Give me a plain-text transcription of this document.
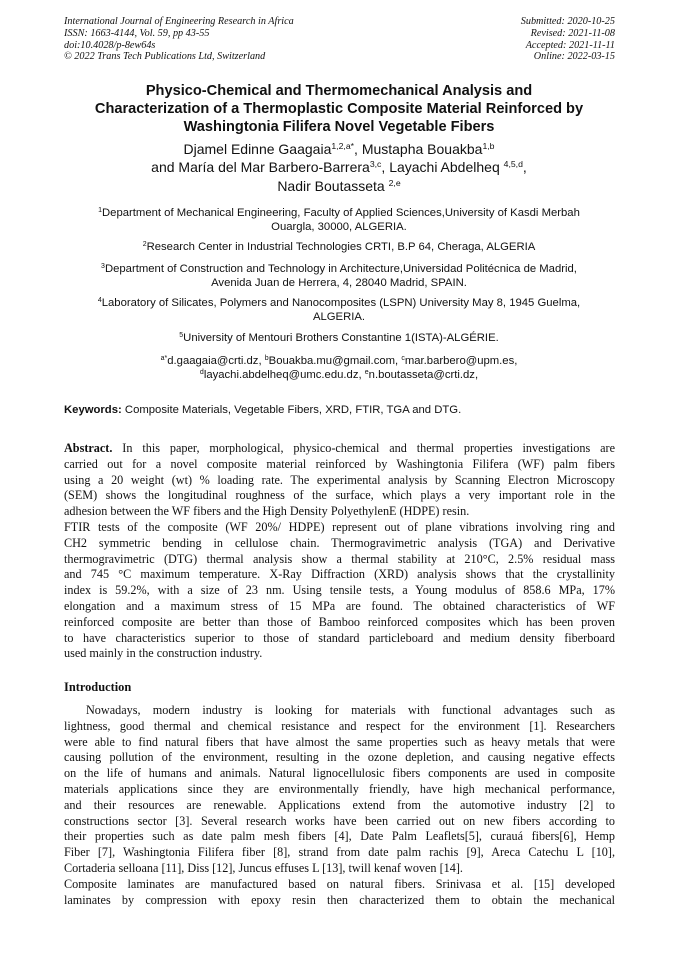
International Journal of Engineering Research in Africa
ISSN: 1663-4144, Vol. 59, pp 43-55
doi:10.4028/p-8ew64s
© 2022 Trans Tech Publications Ltd, Switzerland
Submitted: 2020-10-25
Revised: 2021-11-08
Accepted: 2021-11-11
Online: 2022-03-15
Physico-Chemical and Thermomechanical Analysis and
Characterization of a Thermoplastic Composite Material Reinforced by
Washingtonia Filifera Novel Vegetable Fibers
Djamel Edinne Gaagaia$^{1,2,a*}$, Mustapha Bouakba$^{1,b}$
and María del Mar Barbero-Barrera$^{3,c}$, Layachi Abdelheq $^{4,5,d}$,
Nadir Boutasseta $^{2,e}$
$^1$Department of Mechanical Engineering, Faculty of Applied Sciences,University of Kasdi Merbah
Ouargla, 30000, ALGERIA.
$^2$Research Center in Industrial Technologies CRTI, B.P 64, Cheraga, ALGERIA
$^3$Department of Construction and Technology in Architecture,Universidad Politécnica de Madrid,
Avenida Juan de Herrera, 4, 28040 Madrid, SPAIN.
$^4$Laboratory of Silicates, Polymers and Nanocomposites (LSPN) University May 8, 1945 Guelma,
ALGERIA.
$^5$University of Mentouri Brothers Constantine 1(ISTA)-ALGÉRIE.
$^{a*}$d.gaagaia@crti.dz, $^b$Bouakba.mu@gmail.com, $^c$mar.barbero@upm.es,
$^d$layachi.abdelheq@umc.edu.dz, $^e$n.boutasseta@crti.dz,
Keywords: Composite Materials, Vegetable Fibers, XRD, FTIR, TGA and DTG.
Abstract. In this paper, morphological, physico-chemical and thermal properties investigations are
carried out for a novel composite material reinforced by Washingtonia Filifera (WF) palm fibers
using a 20 weight (wt) % loading rate. The experimental analysis by Scanning Electron Microscopy
(SEM) shows the longitudinal roughness of the surface, which plays a very important role in the
adhesion between the WF fibers and the High Density PolyethylenE (HDPE) resin.
FTIR tests of the composite (WF 20%/ HDPE) represent out of plane vibrations involving ring and
CH2 symmetric bending in cellulose chain. Thermogravimetric analysis (TGA) and Derivative
thermogravimetric (DTG) thermal analysis show a thermal stability at 210°C, 2.5% residual mass
and 745 °C maximum temperature. X-Ray Diffraction (XRD) analysis shows that the crystallinity
index is 59.2%, with a size of 23 nm. Using tensile tests, a Young modulus of 858.6 MPa, 17%
elongation and a maximum stress of 15 MPa are found. The obtained characteristics of WF
reinforced composite are better than those of Bamboo reinforced composites which has been proven
to have characteristics superior to those of standard particleboard and medium density fiberboard
used mainly in the construction industry.
Introduction
Nowadays, modern industry is looking for materials with functional advantages such as
lightness, good thermal and chemical resistance and respect for the environment [1]. Researchers
were able to find natural fibers that have almost the same properties such as heavy metals that were
causing pollution of the environment, resulting in the ozone depletion, and causing negative effects
on the life of humans and animals. Natural lignocellulosic fibers components are used in composite
materials applications since they are environmentally friendly, have high mechanical performance,
and their resources are renewable. Applications extend from the automotive industry [2] to
constructions sector [3]. Several research works have been carried out on new fibers according to
their properties such as date palm mesh fibers [4], Date Palm Leaflets[5], curauá fibers[6], Hemp
Fiber [7], Washingtonia Filifera fiber [8], strand from date palm rachis [9], Areca Catechu L [10],
Cortaderia selloana [11], Diss [12], Juncus effuses L [13], twill kenaf woven [14].
Composite laminates are manufactured based on natural fibers. Srinivasa et al. [15] developed
laminates by compression with epoxy resin then characterized them to obtain the mechanical
